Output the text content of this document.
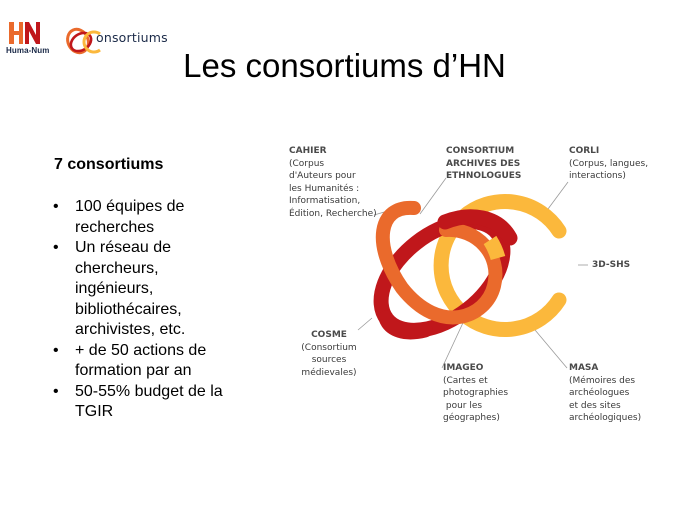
Huma-Num
onsortiums
Les consortiums d’HN
7 consortiums
• 100 équipes de recherches
• Un réseau de chercheurs, ingénieurs, bibliothécaires, archivistes, etc.
• + de 50 actions de formation par an
• 50-55% budget de la TGIR
CAHIER
(Corpus
d'Auteurs pour
les Humanités :
Informatisation,
Édition, Recherche)
CONSORTIUM
ARCHIVES DES
ETHNOLOGUES
CORLI
(Corpus, langues,
interactions)
3D-SHS
COSME
(Consortium
sources
médievales)	IMAGEO
(Cartes et
photographies
pour les
géographes)
MASA
(Mémoires des
archéologues
et des sites
archéologiques)
